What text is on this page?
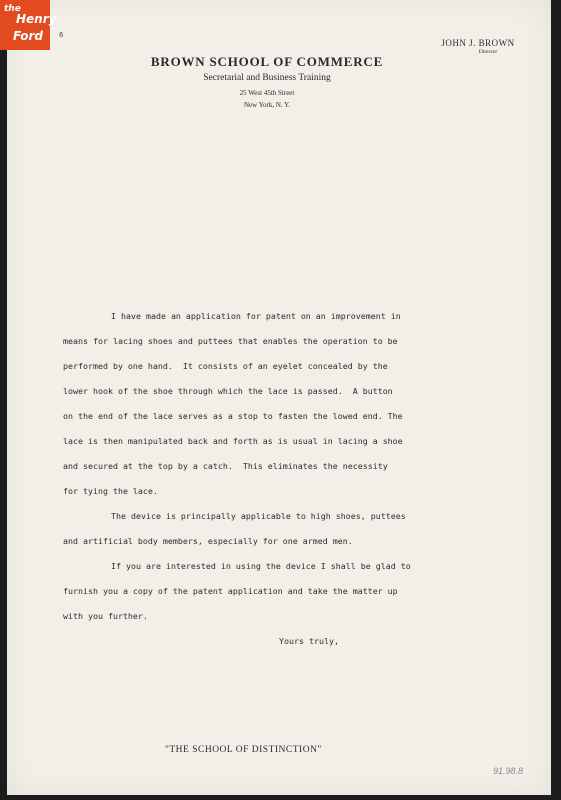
6
JOHN J. BROWN
Director
BROWN SCHOOL OF COMMERCE
Secretarial and Business Training
25 West 45th Street
New York, N. Y.
I have made an application for patent on an improvement in
means for lacing shoes and puttees that enables the operation to be
performed by one hand.  It consists of an eyelet concealed by the
lower hook of the shoe through which the lace is passed.  A button
on the end of the lace serves as a stop to fasten the lowed end. The
lace is then manipulated back and forth as is usual in lacing a shoe
and secured at the top by a catch.  This eliminates the necessity
for tying the lace.
The device is principally applicable to high shoes, puttees
and artificial body members, especially for one armed men.
If you are interested in using the device I shall be glad to
furnish you a copy of the patent application and take the matter up
with you further.
Yours truly,
"THE SCHOOL OF DISTINCTION"
91.98.8
the
Henry
Ford
